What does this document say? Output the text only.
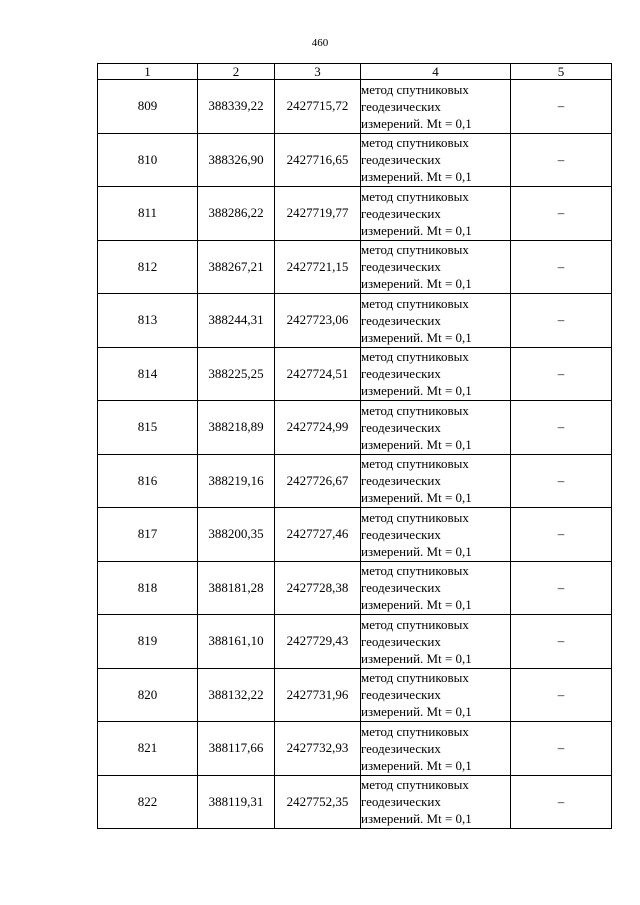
460
1	2	3	4	5
809	388339,22	2427715,72	метод спутниковых
геодезических
измерений. Mt = 0,1	–
810	388326,90	2427716,65	метод спутниковых
геодезических
измерений. Mt = 0,1	–
811	388286,22	2427719,77	метод спутниковых
геодезических
измерений. Mt = 0,1	–
812	388267,21	2427721,15	метод спутниковых
геодезических
измерений. Mt = 0,1	–
813	388244,31	2427723,06	метод спутниковых
геодезических
измерений. Mt = 0,1	–
814	388225,25	2427724,51	метод спутниковых
геодезических
измерений. Mt = 0,1	–
815	388218,89	2427724,99	метод спутниковых
геодезических
измерений. Mt = 0,1	–
816	388219,16	2427726,67	метод спутниковых
геодезических
измерений. Mt = 0,1	–
817	388200,35	2427727,46	метод спутниковых
геодезических
измерений. Mt = 0,1	–
818	388181,28	2427728,38	метод спутниковых
геодезических
измерений. Mt = 0,1	–
819	388161,10	2427729,43	метод спутниковых
геодезических
измерений. Mt = 0,1	–
820	388132,22	2427731,96	метод спутниковых
геодезических
измерений. Mt = 0,1	–
821	388117,66	2427732,93	метод спутниковых
геодезических
измерений. Mt = 0,1	–
822	388119,31	2427752,35	метод спутниковых
геодезических
измерений. Mt = 0,1	–
